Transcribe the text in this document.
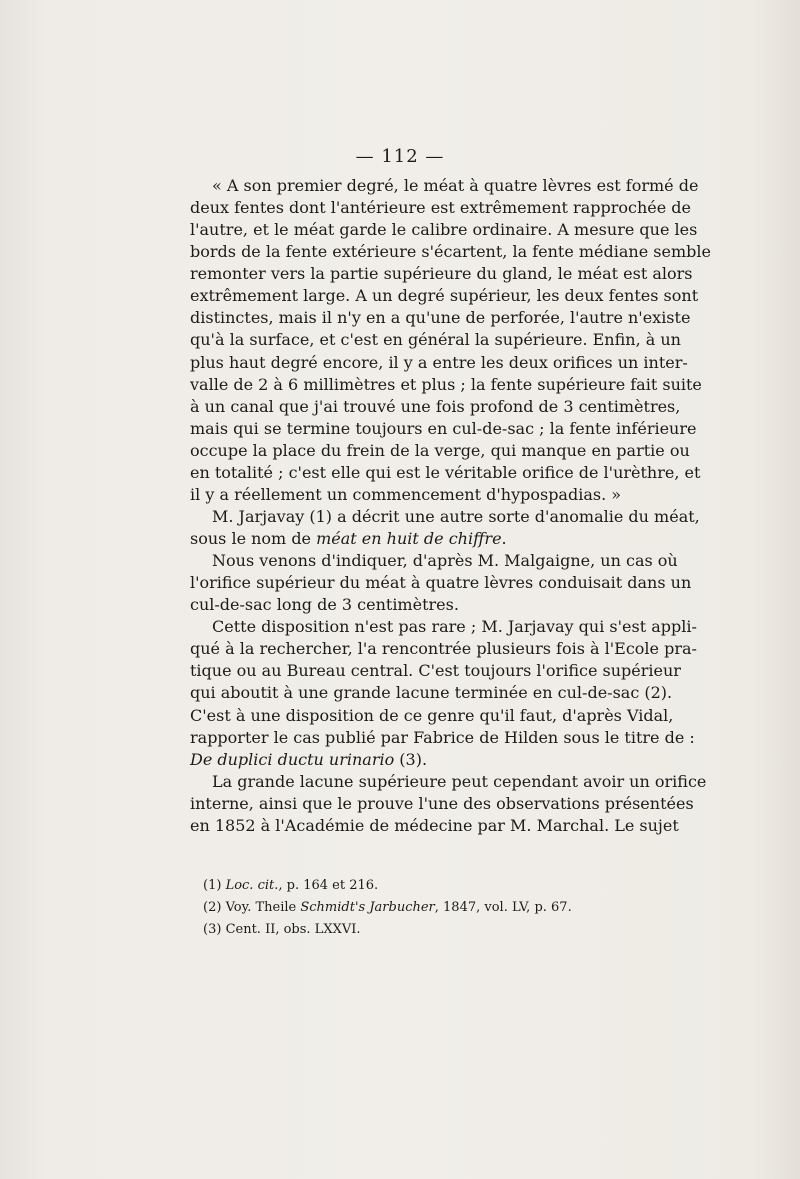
— 112 —
« A son premier degré, le méat à quatre lèvres est formé de
deux fentes dont l'antérieure est extrêmement rapprochée de
l'autre, et le méat garde le calibre ordinaire. A mesure que les
bords de la fente extérieure s'écartent, la fente médiane semble
remonter vers la partie supérieure du gland, le méat est alors
extrêmement large. A un degré supérieur, les deux fentes sont
distinctes, mais il n'y en a qu'une de perforée, l'autre n'existe
qu'à la surface, et c'est en général la supérieure. Enfin, à un
plus haut degré encore, il y a entre les deux orifices un inter-
valle de 2 à 6 millimètres et plus ; la fente supérieure fait suite
à un canal que j'ai trouvé une fois profond de 3 centimètres,
mais qui se termine toujours en cul-de-sac ; la fente inférieure
occupe la place du frein de la verge, qui manque en partie ou
en totalité ; c'est elle qui est le véritable orifice de l'urèthre, et
il y a réellement un commencement d'hypospadias. »
M. Jarjavay (1) a décrit une autre sorte d'anomalie du méat,
sous le nom de méat en huit de chiffre.
Nous venons d'indiquer, d'après M. Malgaigne, un cas où
l'orifice supérieur du méat à quatre lèvres conduisait dans un
cul-de-sac long de 3 centimètres.
Cette disposition n'est pas rare ; M. Jarjavay qui s'est appli-
qué à la rechercher, l'a rencontrée plusieurs fois à l'Ecole pra-
tique ou au Bureau central. C'est toujours l'orifice supérieur
qui aboutit à une grande lacune terminée en cul-de-sac (2).
C'est à une disposition de ce genre qu'il faut, d'après Vidal,
rapporter le cas publié par Fabrice de Hilden sous le titre de :
De duplici ductu urinario (3).
La grande lacune supérieure peut cependant avoir un orifice
interne, ainsi que le prouve l'une des observations présentées
en 1852 à l'Académie de médecine par M. Marchal. Le sujet
(1) Loc. cit., p. 164 et 216.
(2) Voy. Theile Schmidt's Jarbucher, 1847, vol. LV, p. 67.
(3) Cent. II, obs. LXXVI.
